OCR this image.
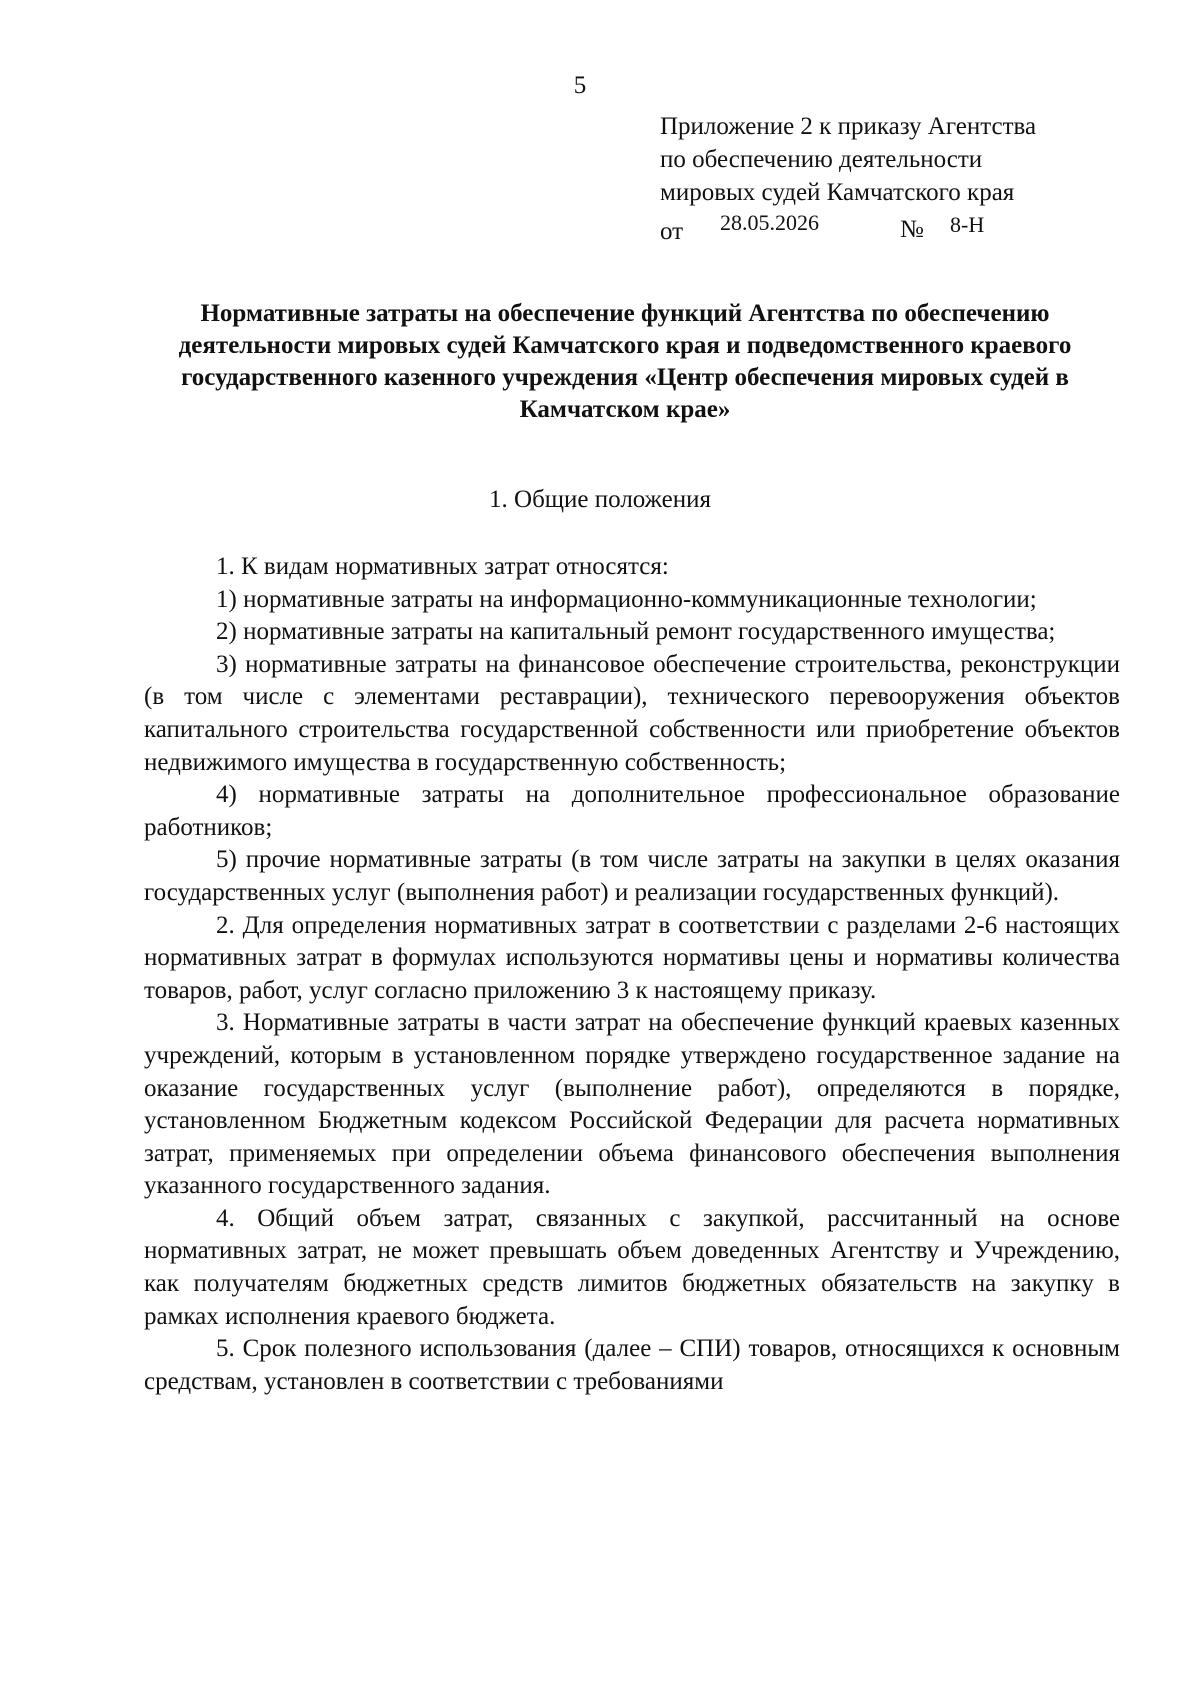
5
Приложение 2 к приказу Агентства
по обеспечению деятельности
мировых судей Камчатского края
от 28.05.2026	№ 8-Н
Нормативные затраты на обеспечение функций Агентства по обеспечению деятельности мировых судей Камчатского края и подведомственного краевого государственного казенного учреждения «Центр обеспечения мировых судей в Камчатском крае»
1. Общие положения

1. К видам нормативных затрат относятся:

1) нормативные затраты на информационно-коммуникационные технологии;

2) нормативные затраты на капитальный ремонт государственного имущества;

3) нормативные затраты на финансовое обеспечение строительства, реконструкции (в том числе с элементами реставрации), технического перевооружения объектов капитального строительства государственной собственности или приобретение объектов недвижимого имущества в государственную собственность;

4) нормативные затраты на дополнительное профессиональное образование работников;

5) прочие нормативные затраты (в том числе затраты на закупки в целях оказания государственных услуг (выполнения работ) и реализации государственных функций).

2. Для определения нормативных затрат в соответствии с разделами 2-6 настоящих нормативных затрат в формулах используются нормативы цены и нормативы количества товаров, работ, услуг согласно приложению 3 к настоящему приказу.

3. Нормативные затраты в части затрат на обеспечение функций краевых казенных учреждений, которым в установленном порядке утверждено государственное задание на оказание государственных услуг (выполнение работ), определяются в порядке, установленном Бюджетным кодексом Российской Федерации для расчета нормативных затрат, применяемых при определении объема финансового обеспечения выполнения указанного государственного задания.

4. Общий объем затрат, связанных с закупкой, рассчитанный на основе нормативных затрат, не может превышать объем доведенных Агентству и Учреждению, как получателям бюджетных средств лимитов бюджетных обязательств на закупку в рамках исполнения краевого бюджета.

5. Срок полезного использования (далее – СПИ) товаров, относящихся к основным средствам, установлен в соответствии с требованиями
